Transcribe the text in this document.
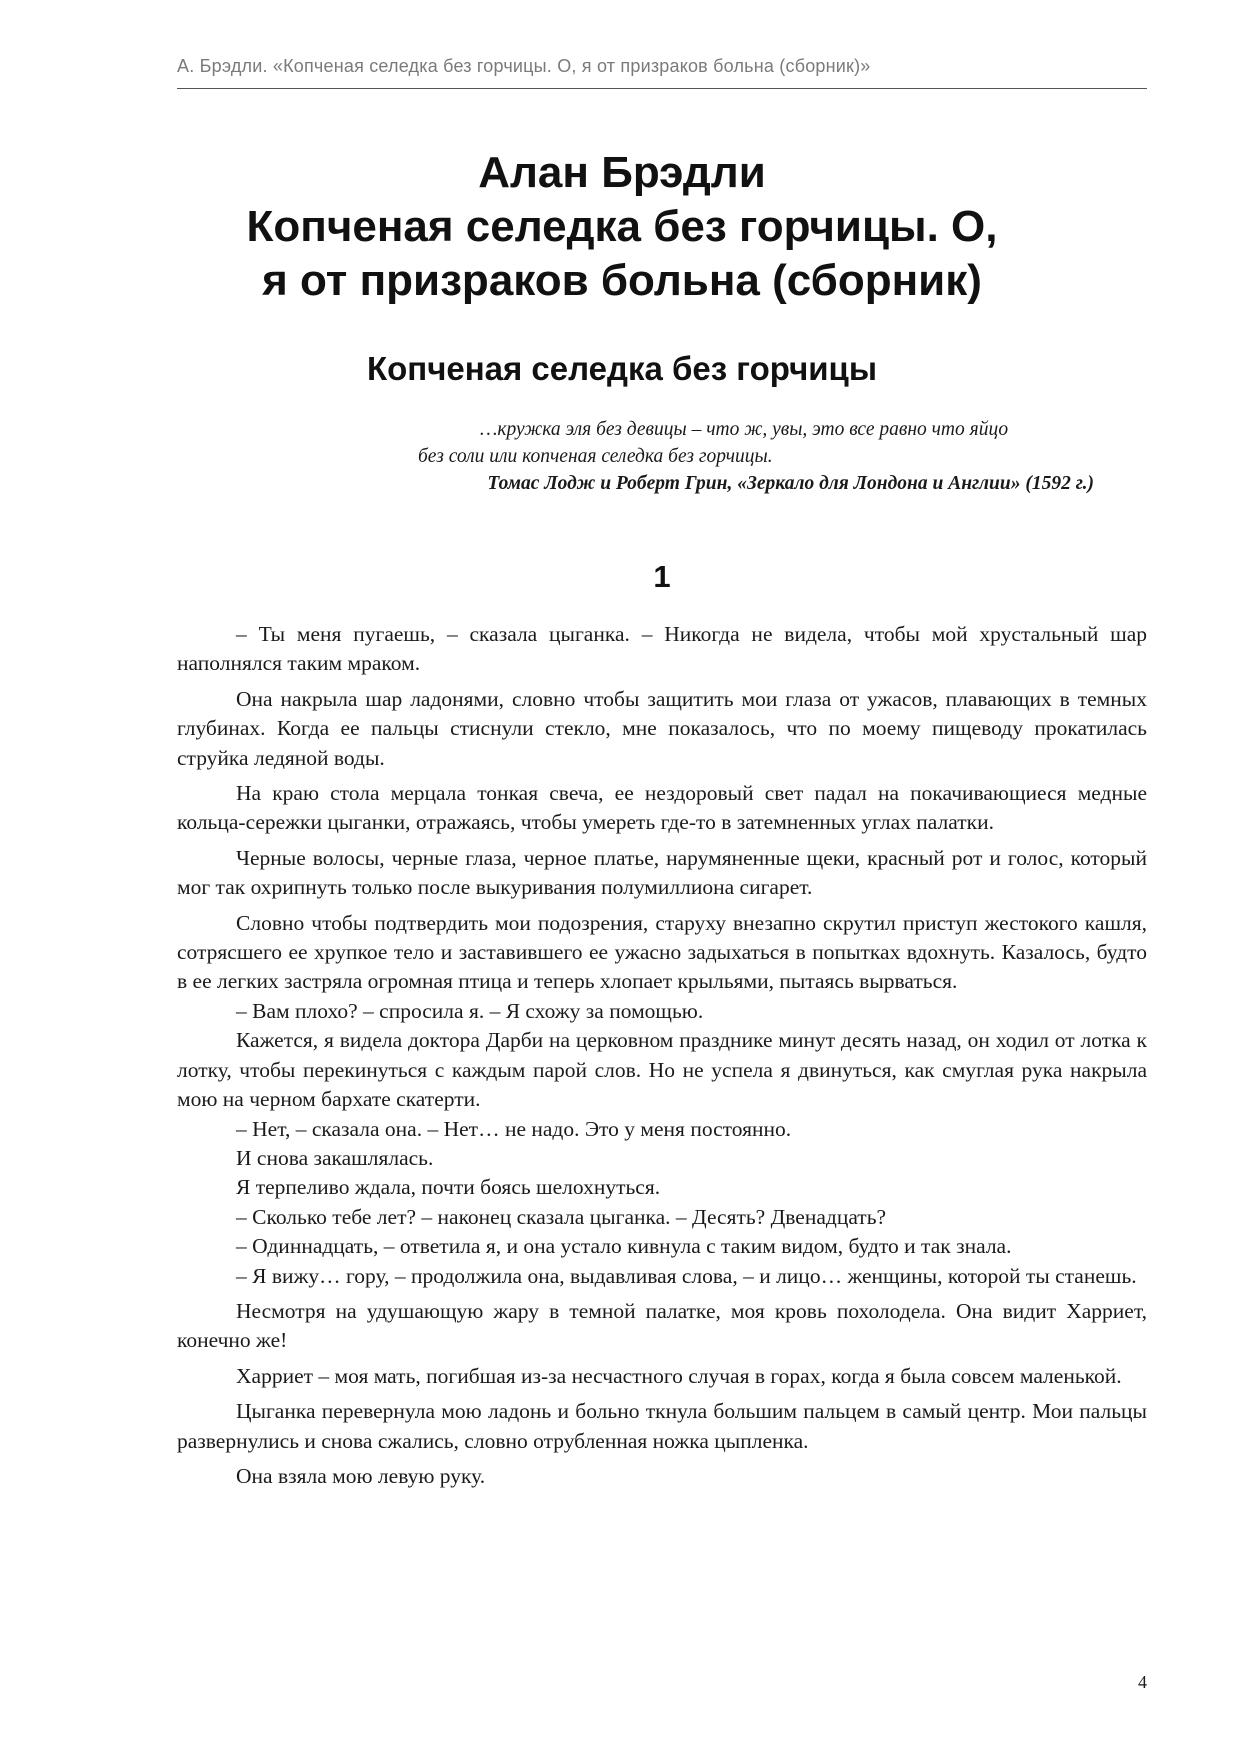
А. Брэдли. «Копченая селедка без горчицы. О, я от призраков больна (сборник)»
Алан Брэдли
Копченая селедка без горчицы. О,
я от призраков больна (сборник)
Копченая селедка без горчицы
…кружка эля без девицы – что ж, увы, это все равно что яйцо
без соли или копченая селедка без горчицы.
Томас Лодж и Роберт Грин, «Зеркало для Лондона и Англии» (1592 г.)
1

– Ты меня пугаешь, – сказала цыганка. – Никогда не видела, чтобы мой хрустальный шар наполнялся таким мраком.

Она накрыла шар ладонями, словно чтобы защитить мои глаза от ужасов, плавающих в темных глубинах. Когда ее пальцы стиснули стекло, мне показалось, что по моему пищеводу прокатилась струйка ледяной воды.

На краю стола мерцала тонкая свеча, ее нездоровый свет падал на покачивающиеся медные кольца-сережки цыганки, отражаясь, чтобы умереть где-то в затемненных углах палатки.

Черные волосы, черные глаза, черное платье, нарумяненные щеки, красный рот и голос, который мог так охрипнуть только после выкуривания полумиллиона сигарет.

Словно чтобы подтвердить мои подозрения, старуху внезапно скрутил приступ жестокого кашля, сотрясшего ее хрупкое тело и заставившего ее ужасно задыхаться в попытках вдохнуть. Казалось, будто в ее легких застряла огромная птица и теперь хлопает крыльями, пытаясь вырваться.

– Вам плохо? – спросила я. – Я схожу за помощью.

Кажется, я видела доктора Дарби на церковном празднике минут десять назад, он ходил от лотка к лотку, чтобы перекинуться с каждым парой слов. Но не успела я двинуться, как смуглая рука накрыла мою на черном бархате скатерти.

– Нет, – сказала она. – Нет… не надо. Это у меня постоянно.

И снова закашлялась.

Я терпеливо ждала, почти боясь шелохнуться.

– Сколько тебе лет? – наконец сказала цыганка. – Десять? Двенадцать?

– Одиннадцать, – ответила я, и она устало кивнула с таким видом, будто и так знала.

– Я вижу… гору, – продолжила она, выдавливая слова, – и лицо… женщины, которой ты станешь.

Несмотря на удушающую жару в темной палатке, моя кровь похолодела. Она видит Харриет, конечно же!

Харриет – моя мать, погибшая из-за несчастного случая в горах, когда я была совсем маленькой.

Цыганка перевернула мою ладонь и больно ткнула большим пальцем в самый центр. Мои пальцы развернулись и снова сжались, словно отрубленная ножка цыпленка.

Она взяла мою левую руку.

4
